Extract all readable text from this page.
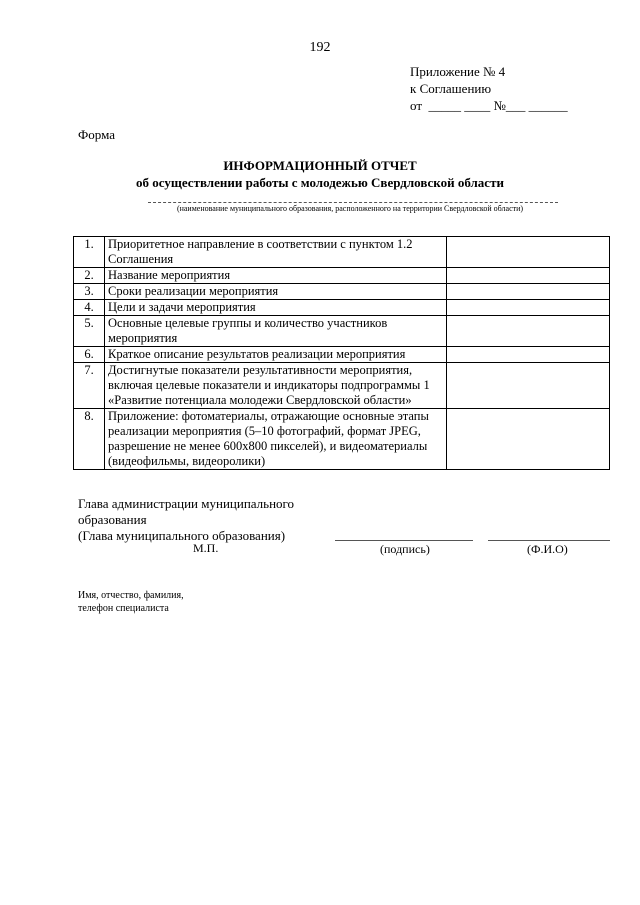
192
Приложение № 4
к Соглашению
от  _____ ____ №___ ______
Форма
ИНФОРМАЦИОННЫЙ ОТЧЕТ
об осуществлении работы с молодежью Свердловской области
(наименование муниципального образования, расположенного на территории Свердловской области)
1.	Приоритетное направление в соответствии с пунктом 1.2 Соглашения	
2.	Название мероприятия	
3.	Сроки реализации мероприятия	
4.	Цели и задачи мероприятия	
5.	Основные целевые группы и количество участников мероприятия	
6.	Краткое описание результатов реализации мероприятия	
7.	Достигнутые показатели результативности мероприятия, включая целевые показатели и индикаторы подпрограммы 1 «Развитие потенциала молодежи Свердловской области»	
8.	Приложение: фотоматериалы, отражающие основные этапы реализации мероприятия (5–10 фотографий, формат JPEG, разрешение не менее 600х800 пикселей), и видеоматериалы (видеофильмы, видеоролики)	
Глава администрации муниципального
образования
(Глава муниципального образования)
М.П.	(подпись)	(Ф.И.О)
Имя, отчество, фамилия,
телефон специалиста
